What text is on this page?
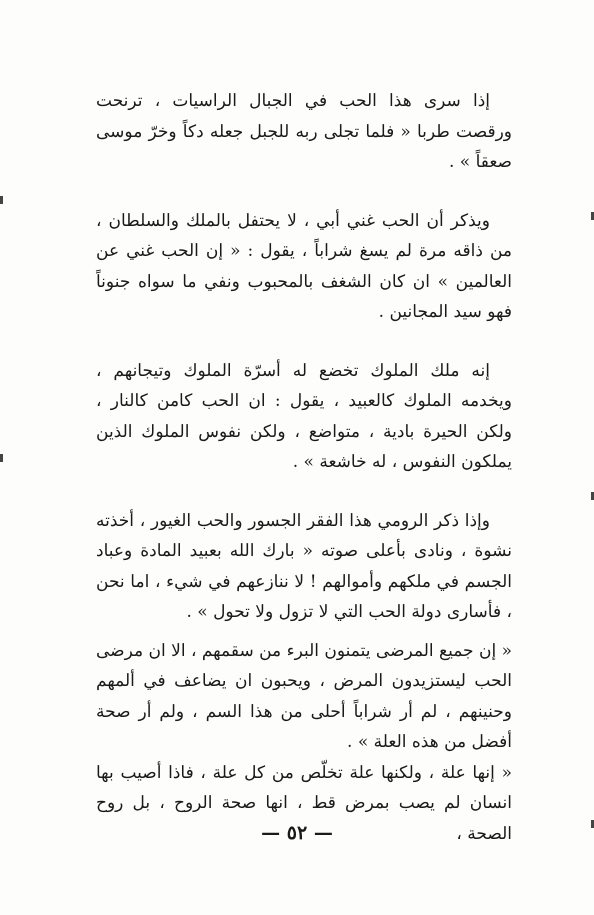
إذا سرى هذا الحب في الجبال الراسيات ، ترنحت ورقصت طربا « فلما تجلى ربه للجبل جعله دكاً وخرّ موسى صعقاً » .

ويذكر أن الحب غني أبي ، لا يحتفل بالملك والسلطان ، من ذاقه مرة لم يسغ شراباً ، يقول : « إن الحب غني عن العالمين » ان كان الشغف بالمحبوب ونفي ما سواه جنوناً فهو سيد المجانين .

إنه ملك الملوك تخضع له أسرّة الملوك وتيجانهم ، ويخدمه الملوك كالعبيد ، يقول : ان الحب كامن كالنار ، ولكن الحيرة بادية ، متواضع ، ولكن نفوس الملوك الذين يملكون النفوس ، له خاشعة » .

وإذا ذكر الرومي هذا الفقر الجسور والحب الغيور ، أخذته نشوة ، ونادى بأعلى صوته « بارك الله بعبيد المادة وعباد الجسم في ملكهم وأموالهم ! لا ننازعهم في شيء ، اما نحن ، فأسارى دولة الحب التي لا تزول ولا تحول » .

« إن جميع المرضى يتمنون البرء من سقمهم ، الا ان مرضى الحب ليستزيدون المرض ، ويحبون ان يضاعف في ألمهم وحنينهم ، لم أر شراباً أحلى من هذا السم ، ولم أر صحة أفضل من هذه العلة » .

« إنها علة ، ولكنها علة تخلّص من كل علة ، فاذا أصيب بها انسان لم يصب بمرض قط ، انها صحة الروح ، بل روح الصحة ،

— ٥٢ —
